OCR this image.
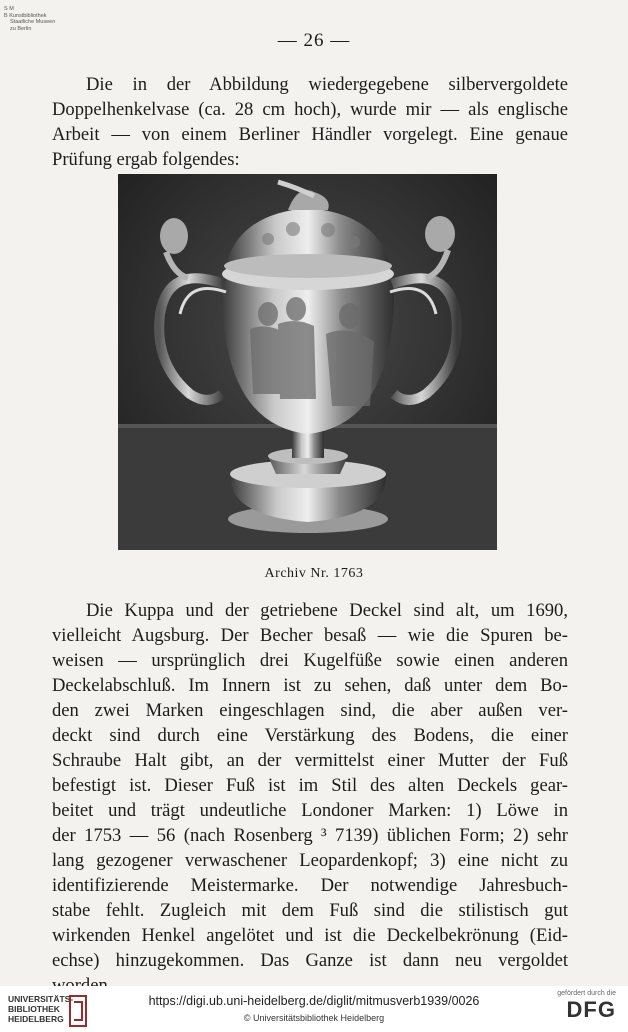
S M
B Kunstbibliothek
Staatliche Museen
zu Berlin
— 26 —
Die in der Abbildung wiedergegebene silbervergoldete
Doppelhenkelvase (ca. 28 cm hoch), wurde mir — als englische
Arbeit — von einem Berliner Händler vorgelegt. Eine genaue
Prüfung ergab folgendes:
Archiv Nr. 1763
Die Kuppa und der getriebene Deckel sind alt, um 1690,
vielleicht Augsburg. Der Becher besaß — wie die Spuren be-
weisen — ursprünglich drei Kugelfüße sowie einen anderen
Deckelabschluß. Im Innern ist zu sehen, daß unter dem Bo-
den zwei Marken eingeschlagen sind, die aber außen ver-
deckt sind durch eine Verstärkung des Bodens, die einer
Schraube Halt gibt, an der vermittelst einer Mutter der Fuß
befestigt ist. Dieser Fuß ist im Stil des alten Deckels gear-
beitet und trägt undeutliche Londoner Marken: 1) Löwe in
der 1753 — 56 (nach Rosenberg ³ 7139) üblichen Form; 2) sehr
lang gezogener verwaschener Leopardenkopf; 3) eine nicht zu
identifizierende Meistermarke. Der notwendige Jahresbuch-
stabe fehlt. Zugleich mit dem Fuß sind die stilistisch gut
wirkenden Henkel angelötet und ist die Deckelbekrönung (Eid-
echse) hinzugekommen. Das Ganze ist dann neu vergoldet
UNIVERSITÄTS-
BIBLIOTHEK
HEIDELBERG
https://digi.ub.uni-heidelberg.de/diglit/mitmusverb1939/0026
© Universitätsbibliothek Heidelberg
gefördert durch die
DFG
